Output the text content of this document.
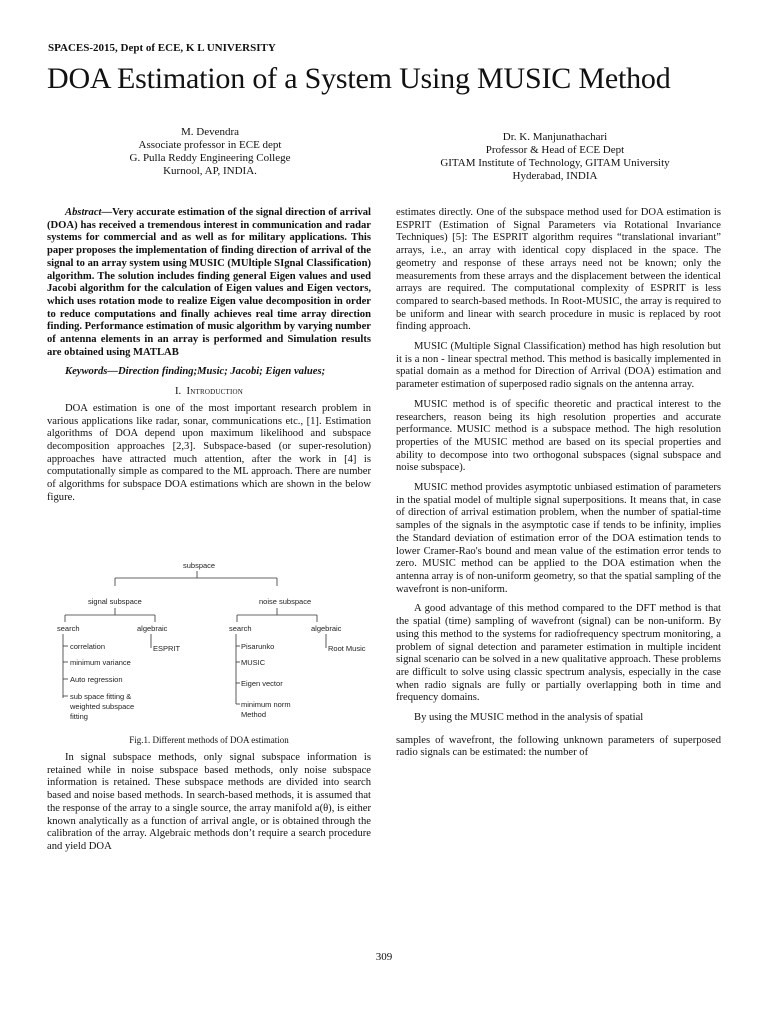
SPACES-2015, Dept of ECE, K L UNIVERSITY
DOA Estimation of a System Using MUSIC Method
M. Devendra
Associate professor in ECE dept
G. Pulla Reddy Engineering College
Kurnool, AP, INDIA.
Dr. K. Manjunathachari
Professor & Head of ECE Dept
GITAM Institute of Technology, GITAM University
Hyderabad, INDIA

Abstract—Very accurate estimation of the signal direction of arrival (DOA) has received a tremendous interest in communication and radar systems for commercial and as well as for military applications. This paper proposes the implementation of finding direction of arrival of the signal to an array system using MUSIC (MUltiple SIgnal Classification) algorithm. The solution includes finding general Eigen values and used Jacobi algorithm for the calculation of Eigen values and Eigen vectors, which uses rotation mode to realize Eigen value decomposition in order to reduce computations and finally achieves real time array direction finding. Performance estimation of music algorithm by varying number of antenna elements in an array is performed and Simulation results are obtained using MATLAB

Keywords—Direction finding;Music; Jacobi; Eigen values;

I. Introduction

DOA estimation is one of the most important research problem in various applications like radar, sonar, communications etc., [1]. Estimation algorithms of DOA depend upon maximum likelihood and subspace decomposition approaches [2,3]. Subspace-based (or super-resolution) approaches have attracted much attention, after the work in [4] is computationally simple as compared to the ML approach. There are number of algorithms for subspace DOA estimations which are shown in the below figure.

subspace
signal subspace	noise subspace
search	algebraic
correlation
minimum variance
Auto regression
sub space fitting &
weighted subspace
fitting
ESPRIT
search	algebraic
Pisarunko
MUSIC
Eigen vector
minimum norm
Method
Root Music
Fig.1. Different methods of DOA estimation

In signal subspace methods, only signal subspace information is retained while in noise subspace based methods, only noise subspace information is retained. These subspace methods are divided into search based and noise based methods. In search-based methods, it is assumed that the response of the array to a single source, the array manifold a(θ), is either known analytically as a function of arrival angle, or is obtained through the calibration of the array. Algebraic methods don’t require a search procedure and yield DOA

estimates directly. One of the subspace method used for DOA estimation is ESPRIT (Estimation of Signal Parameters via Rotational Invariance Techniques) [5]: The ESPRIT algorithm requires “translational invariant” arrays, i.e., an array with identical copy displaced in the space. The geometry and response of these arrays need not be known; only the measurements from these arrays and the displacement between the identical arrays are required. The computational complexity of ESPRIT is less compared to search-based methods. In Root-MUSIC, the array is required to be uniform and linear with search procedure in music is replaced by root finding approach.

MUSIC (Multiple Signal Classification) method has high resolution but it is a non - linear spectral method. This method is basically implemented in spatial domain as a method for Direction of Arrival (DOA) estimation and parameter estimation of superposed radio signals on the antenna array.

MUSIC method is of specific theoretic and practical interest to the researchers, reason being its high resolution properties and accurate performance. MUSIC method is a subspace method. The high resolution properties of the MUSIC method are based on its special properties and ability to decompose into two orthogonal subspaces (signal subspace and noise subspace).

MUSIC method provides asymptotic unbiased estimation of parameters in the spatial model of multiple signal superpositions. It means that, in case of direction of arrival estimation problem, when the number of spatial-time samples of the signals in the asymptotic case if tends to be infinity, implies the Standard deviation of estimation error of the DOA estimation tends to lower Cramer-Rao's bound and mean value of the estimation error tends to zero. MUSIC method can be applied to the DOA estimation when the antenna array is of non-uniform geometry, so that the spatial sampling of the wavefront is non-uniform.

A good advantage of this method compared to the DFT method is that the spatial (time) sampling of wavefront (signal) can be non-uniform. By using this method to the systems for radiofrequency spectrum monitoring, a problem of signal detection and parameter estimation in multiple incident signal scenario can be solved in a new qualitative approach. These problems are difficult to solve using classic spectrum analysis, especially in the case when radio signals are fully or partially overlapping both in time and frequency domains.

By using the MUSIC method in the analysis of spatial

samples of wavefront, the following unknown parameters of superposed radio signals can be estimated: the number of

309
